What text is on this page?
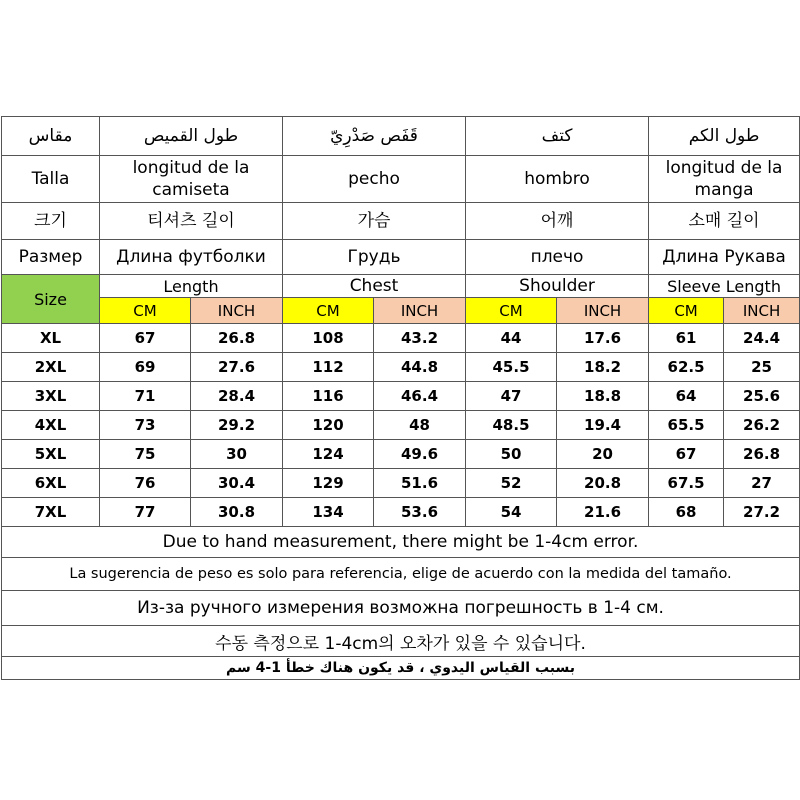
مقاس	طول القميص		قَفَص صَدْرِيّ		كتف		طول الكم	
Talla	longitud de la camiseta		pecho		hombro		longitud de la manga	
크기	티셔츠 길이		가슴		어깨		소매 길이	
Размер	Длина футболки		Грудь		плечо		Длина Рукава	
Size	Length		Chest		Shoulder		Sleeve Length	
	CM	INCH	CM	INCH	CM	INCH	CM	INCH
XL	67	26.8	108	43.2	44	17.6	61	24.4
2XL	69	27.6	112	44.8	45.5	18.2	62.5	25
3XL	71	28.4	116	46.4	47	18.8	64	25.6
4XL	73	29.2	120	48	48.5	19.4	65.5	26.2
5XL	75	30	124	49.6	50	20	67	26.8
6XL	76	30.4	129	51.6	52	20.8	67.5	27
7XL	77	30.8	134	53.6	54	21.6	68	27.2
Due to hand measurement, there might be 1-4cm error.								
La sugerencia de peso es solo para referencia, elige de acuerdo con la medida del tamaño.								
Из-за ручного измерения возможна погрешность в 1-4 см.								
수동 측정으로 1-4cm의 오차가 있을 수 있습니다.								
بسبب القياس اليدوي ، قد يكون هناك خطأ 1-4 سم								
